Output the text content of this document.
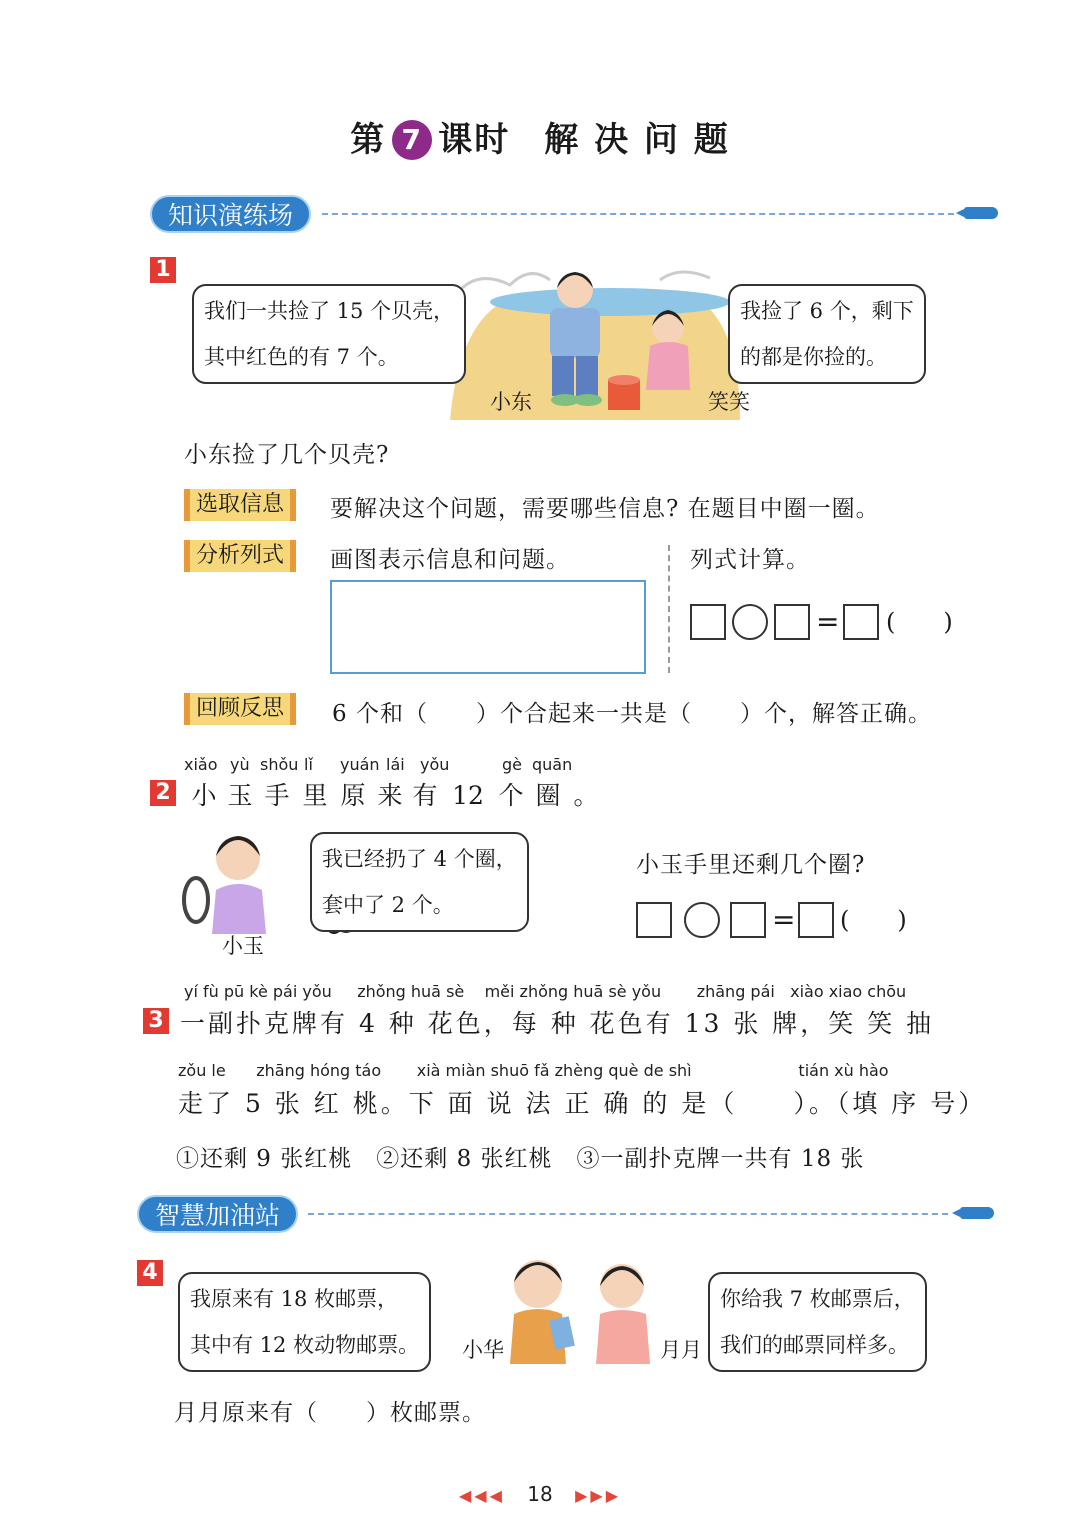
第 7 课时 解 决 问 题
知识演练场
1
我们一共捡了 15 个贝壳，
其中红色的有 7 个。
我捡了 6 个，剩下
的都是你捡的。
小东	笑笑
小东捡了几个贝壳?
选取信息	要解决这个问题，需要哪些信息? 在题目中圈一圈。
分析列式	画图表示信息和问题。	列式计算。
= (　　)
回顾反思	6 个和（　　）个合起来一共是（　　）个，解答正确。
xiǎo yù shǒu lǐ yuán lái yǒu	gè quān
2 小 玉 手 里 原 来 有 12 个 圈 。
我已经扔了 4 个圈，
套中了 2 个。
小玉
小玉手里还剩几个圈?
= (　　)
yí fù pū kè pái yǒu     zhǒng huā sè    měi zhǒng huā sè yǒu       zhāng pái   xiào xiao chōu
3 一副扑克牌有 4 种 花色，每 种 花色有 13 张 牌，笑 笑 抽
zǒu le      zhāng hóng táo       xià miàn shuō fǎ zhèng què de shì                     tián xù hào
走了 5 张 红 桃。下 面 说 法 正 确 的 是（　　）。（填 序 号）
①还剩 9 张红桃　②还剩 8 张红桃　③一副扑克牌一共有 18 张
智慧加油站
4
我原来有 18 枚邮票，
其中有 12 枚动物邮票。 小华	月月
你给我 7 枚邮票后，
我们的邮票同样多。
月月原来有（　　）枚邮票。
◀◀◀ 18 ▶▶▶
